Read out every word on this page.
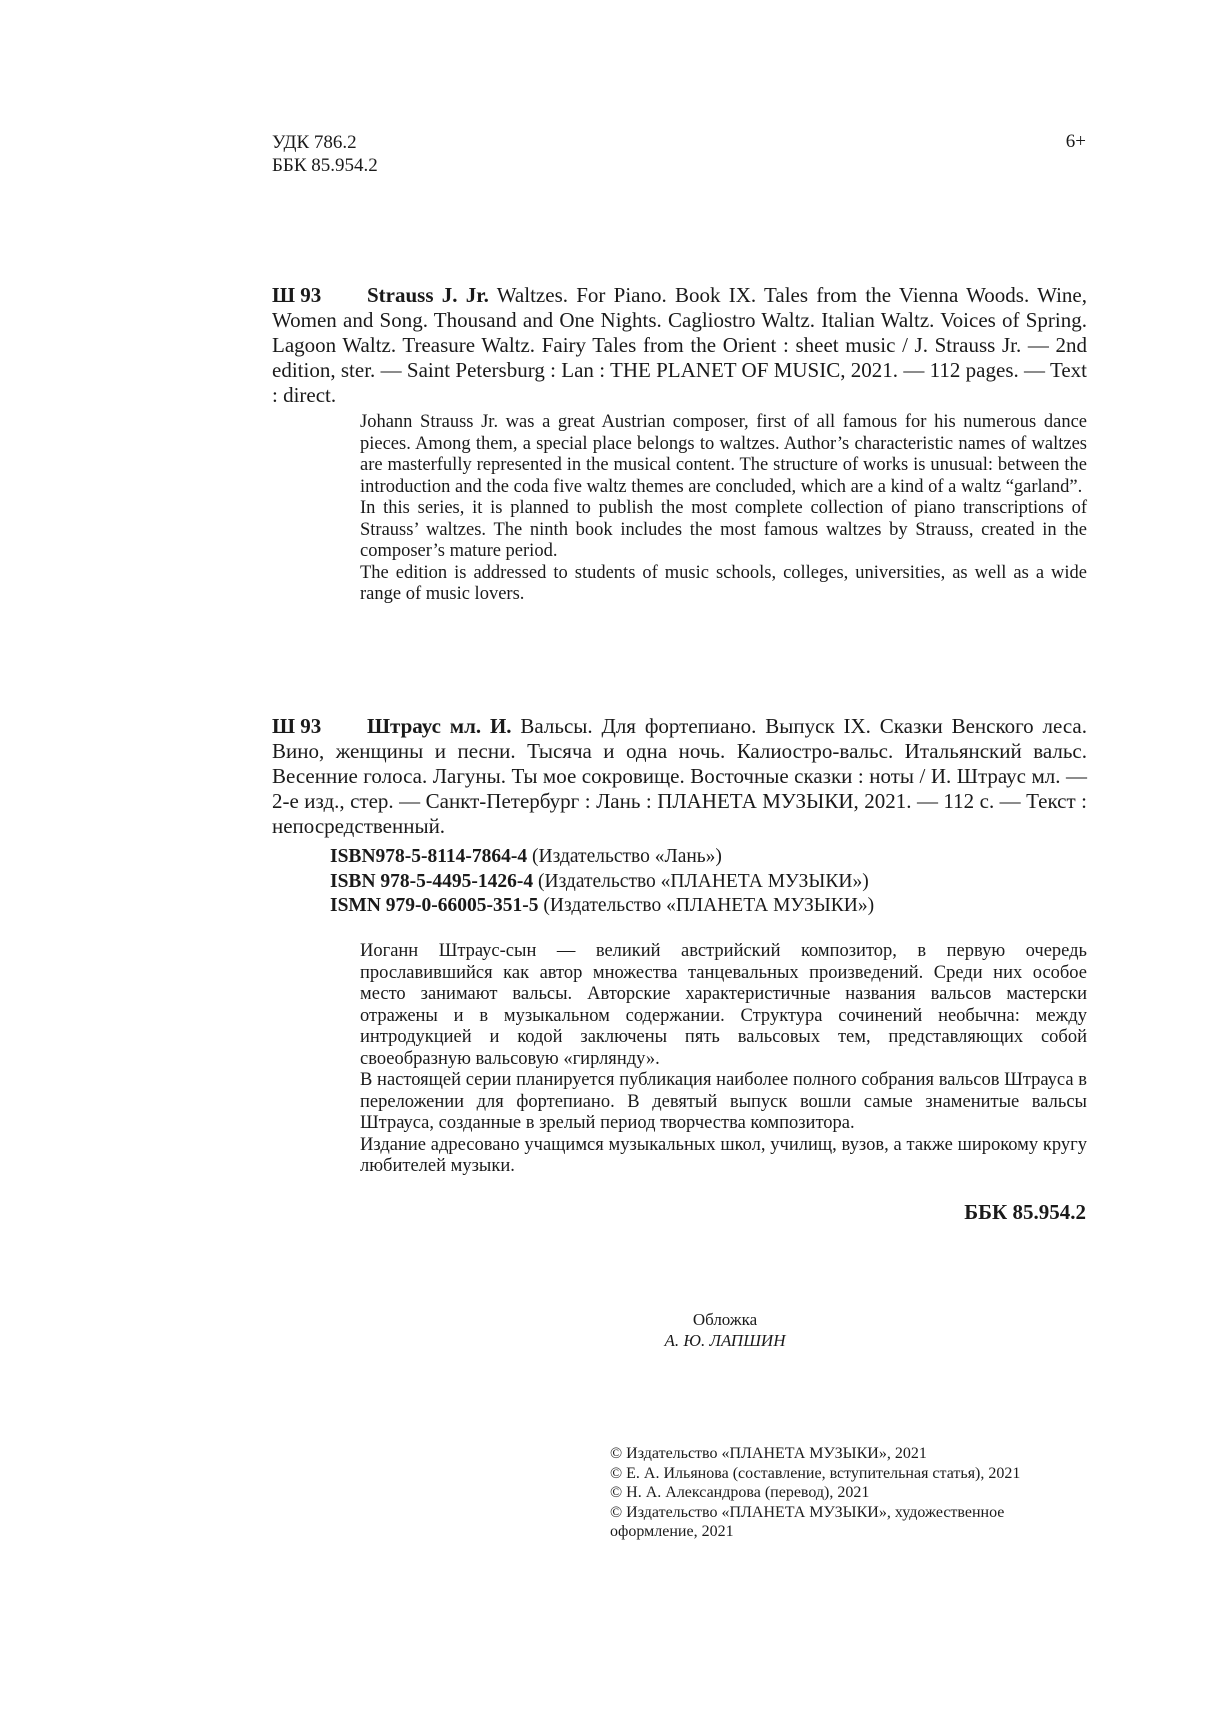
УДК 786.2
ББК 85.954.2
6+
Ш 93 Strauss J. Jr. Waltzes. For Piano. Book IX. Tales from the Vienna Woods. Wine, Women and Song. Thousand and One Nights. Cagliostro Waltz. Italian Waltz. Voices of Spring. Lagoon Waltz. Treasure Waltz. Fairy Tales from the Orient : sheet music / J. Strauss Jr. — 2nd edition, ster. — Saint Petersburg : Lan : THE PLANET OF MUSIC, 2021. — 112 pages. — Text : direct.

Johann Strauss Jr. was a great Austrian composer, first of all famous for his numerous dance pieces. Among them, a special place belongs to waltzes. Author’s characteristic names of waltzes are masterfully represented in the musical content. The structure of works is unusual: between the introduction and the coda five waltz themes are concluded, which are a kind of a waltz “garland”.

In this series, it is planned to publish the most complete collection of piano transcriptions of Strauss’ waltzes. The ninth book includes the most famous waltzes by Strauss, created in the composer’s mature period.

The edition is addressed to students of music schools, colleges, universities, as well as a wide range of music lovers.

Ш 93 Штраус мл. И. Вальсы. Для фортепиано. Выпуск IX. Сказки Венского леса. Вино, женщины и песни. Тысяча и одна ночь. Калиостро-вальс. Итальянский вальс. Весенние голоса. Лагуны. Ты мое сокровище. Восточные сказки : ноты / И. Штраус мл. — 2-е изд., стер. — Санкт-Петербург : Лань : ПЛАНЕТА МУЗЫКИ, 2021. — 112 с. — Текст : непосредственный.
ISBN978-5-8114-7864-4 (Издательство «Лань»)
ISBN 978-5-4495-1426-4 (Издательство «ПЛАНЕТА МУЗЫКИ»)
ISMN 979-0-66005-351-5 (Издательство «ПЛАНЕТА МУЗЫКИ»)

Иоганн Штраус-сын — великий австрийский композитор, в первую очередь прославившийся как автор множества танцевальных произведений. Среди них особое место занимают вальсы. Авторские характеристичные названия вальсов мастерски отражены и в музыкальном содержании. Структура сочинений необычна: между интродукцией и кодой заключены пять вальсовых тем, представляющих собой своеобразную вальсовую «гирлянду».

В настоящей серии планируется публикация наиболее полного собрания вальсов Штрауса в переложении для фортепиано. В девятый выпуск вошли самые знаменитые вальсы Штрауса, созданные в зрелый период творчества композитора.

Издание адресовано учащимся музыкальных школ, училищ, вузов, а также широкому кругу любителей музыки.

ББК 85.954.2
Обложка
А. Ю. ЛАПШИН
© Издательство «ПЛАНЕТА МУЗЫКИ», 2021
© Е. А. Ильянова (составление, вступительная статья), 2021
© Н. А. Александрова (перевод), 2021
© Издательство «ПЛАНЕТА МУЗЫКИ», художественное оформление, 2021
